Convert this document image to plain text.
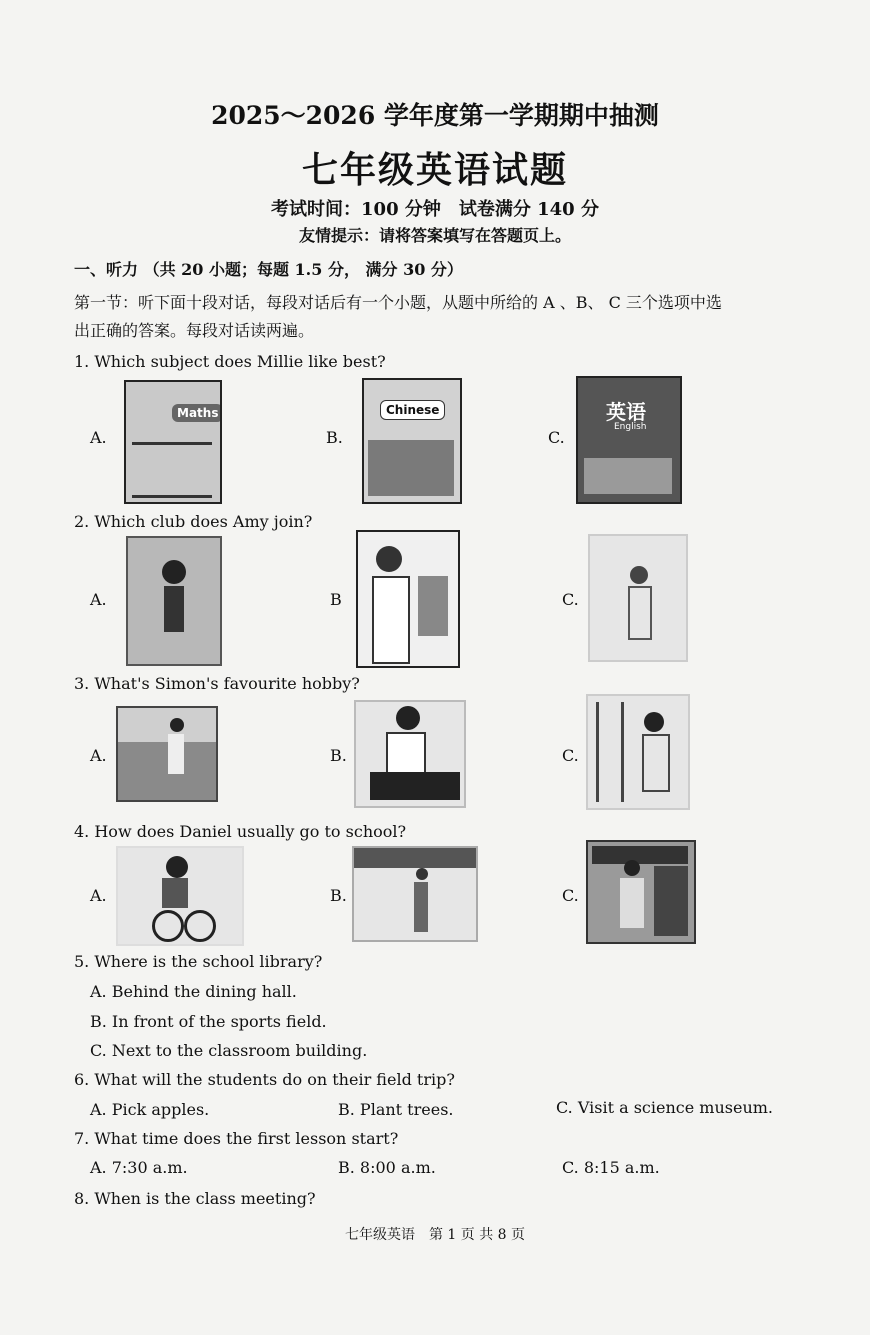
2025～2026 学年度第一学期期中抽测
七年级英语试题
考试时间：100 分钟　试卷满分 140 分
友情提示：请将答案填写在答题页上。
一、听力 （共 20 小题；每题 1.5 分， 满分 30 分）
第一节：听下面十段对话，每段对话后有一个小题，从题中所给的 A 、B、 C 三个选项中选
出正确的答案。每段对话读两遍。
1. Which subject does Millie like best?
A.
Maths
B.
Chinese
C.
英语
English
2. Which club does Amy join?
A.	B	C.
3. What's Simon's favourite hobby?
A.	B.	C.
4. How does Daniel usually go to school?
A.	B.	C.
5. Where is the school library?
A. Behind the dining hall.
B. In front of the sports field.
C. Next to the classroom building.
6. What will the students do on their field trip?
A. Pick apples.	B. Plant trees.	C. Visit a science museum.
7. What time does the first lesson start?
A. 7:30 a.m.	B. 8:00 a.m.	C. 8:15 a.m.
8. When is the class meeting?
七年级英语　第 1 页 共 8 页
